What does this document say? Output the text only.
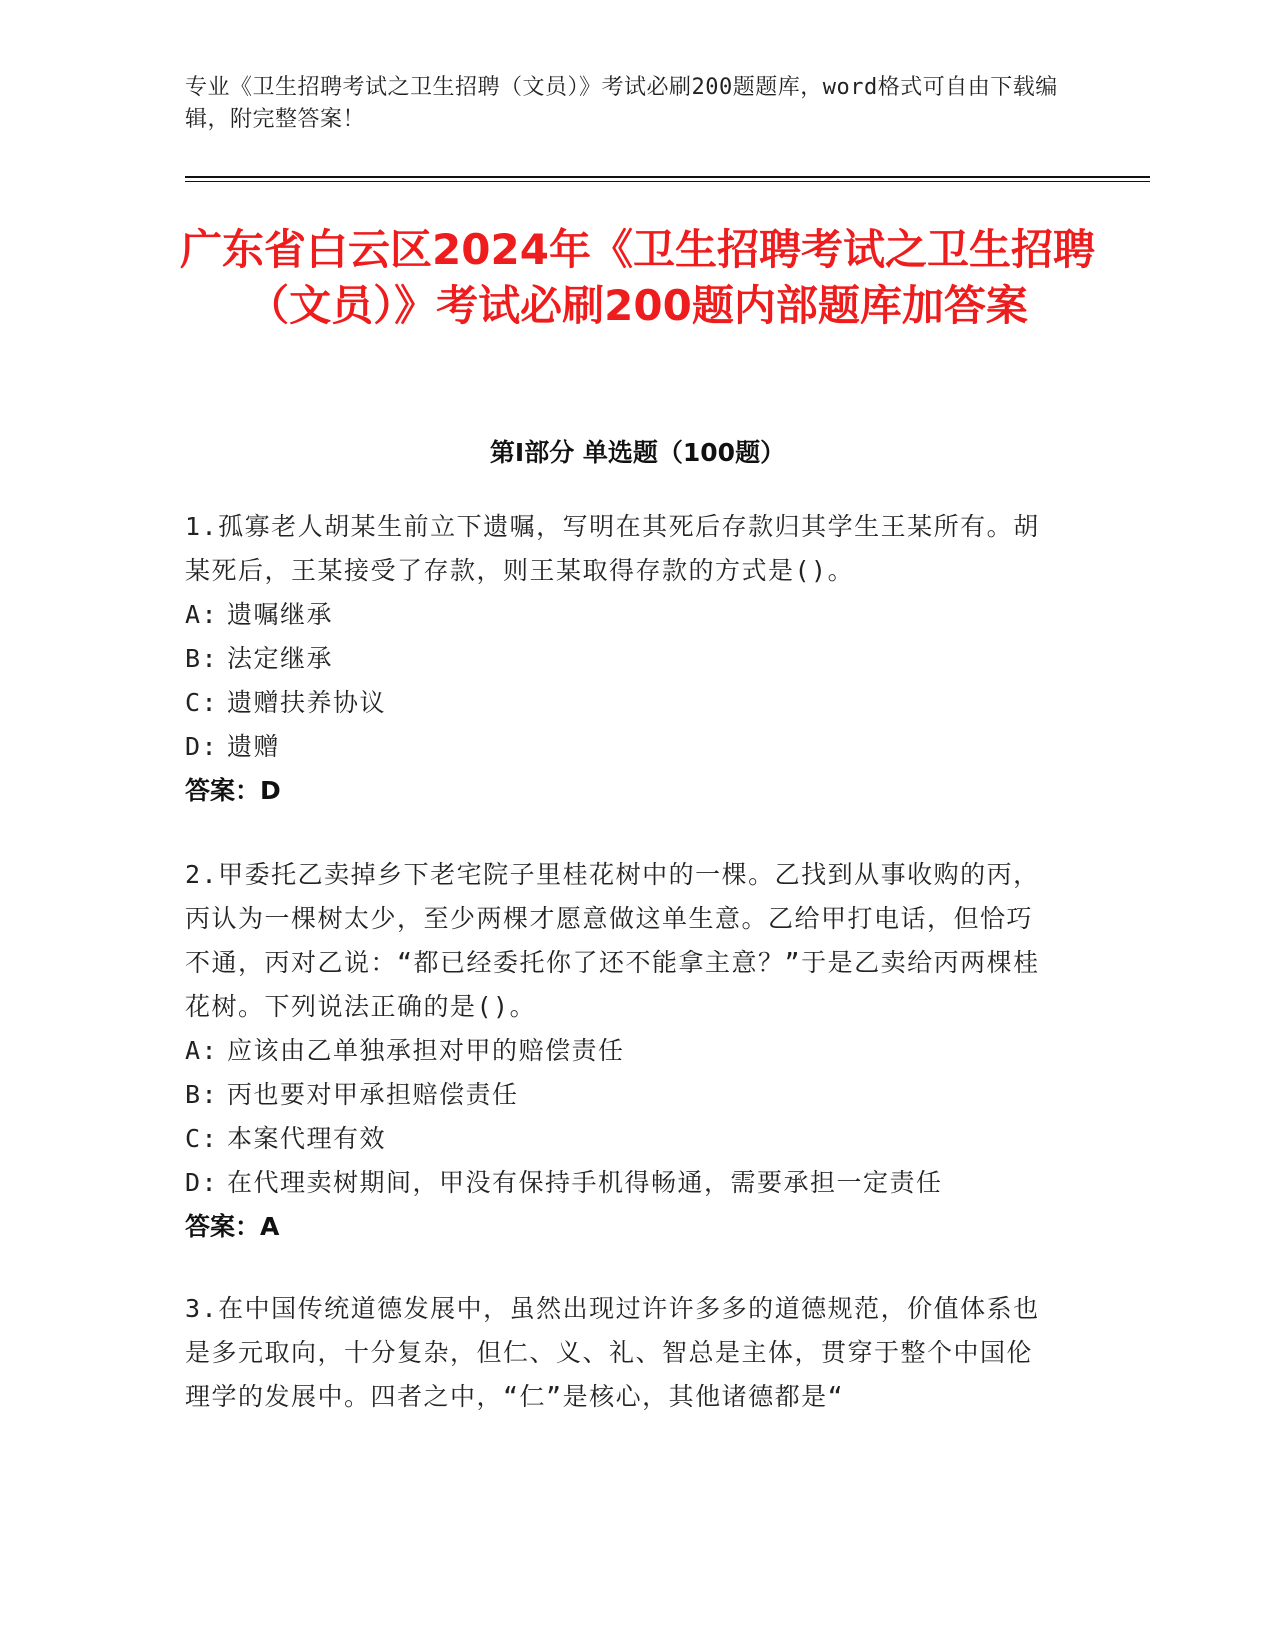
专业《卫生招聘考试之卫生招聘（文员）》考试必刷200题题库，word格式可自由下载编辑，附完整答案！
广东省白云区2024年《卫生招聘考试之卫生招聘（文员）》考试必刷200题内部题库加答案
第Ⅰ部分 单选题（100题）

1.孤寡老人胡某生前立下遗嘱，写明在其死后存款归其学生王某所有。胡某死后，王某接受了存款，则王某取得存款的方式是()。

A: 遗嘱继承

B: 法定继承

C: 遗赠扶养协议

D: 遗赠

答案：D

2.甲委托乙卖掉乡下老宅院子里桂花树中的一棵。乙找到从事收购的丙，丙认为一棵树太少，至少两棵才愿意做这单生意。乙给甲打电话，但恰巧不通，丙对乙说：“都已经委托你了还不能拿主意？”于是乙卖给丙两棵桂花树。下列说法正确的是()。

A: 应该由乙单独承担对甲的赔偿责任

B: 丙也要对甲承担赔偿责任

C: 本案代理有效

D: 在代理卖树期间，甲没有保持手机得畅通，需要承担一定责任

答案：A

3.在中国传统道德发展中，虽然出现过许许多多的道德规范，价值体系也是多元取向，十分复杂，但仁、义、礼、智总是主体，贯穿于整个中国伦理学的发展中。四者之中，“仁”是核心，其他诸德都是“
